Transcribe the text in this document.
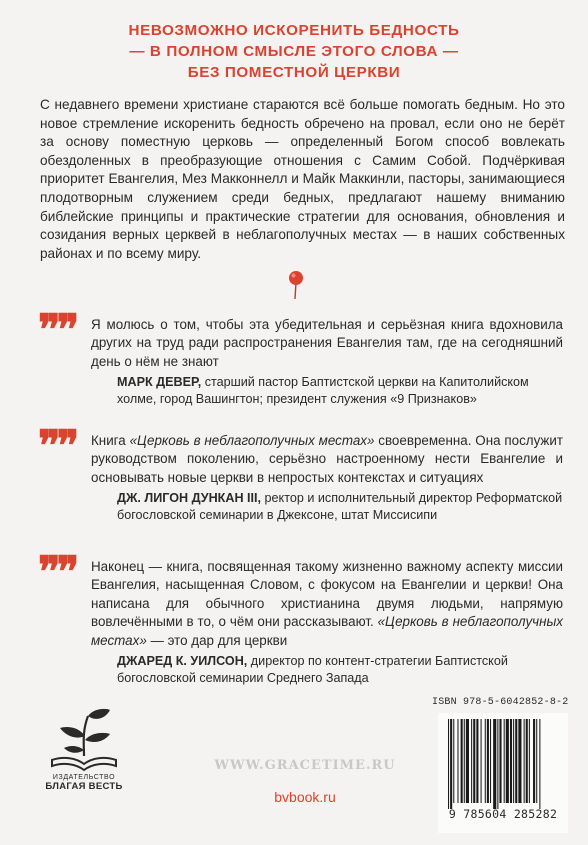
НЕВОЗМОЖНО ИСКОРЕНИТЬ БЕДНОСТЬ
— В ПОЛНОМ СМЫСЛЕ ЭТОГО СЛОВА —
БЕЗ ПОМЕСТНОЙ ЦЕРКВИ
С недавнего времени христиане стараются всё больше помогать бедным. Но это новое стремление искоренить бедность обречено на провал, если оно не берёт за основу поместную церковь — определенный Богом способ вовлекать обездоленных в преобразующие отношения с Самим Собой. Подчёркивая приоритет Евангелия, Мез Макконнелл и Майк Маккинли, пасторы, занимающиеся плодотворным служением среди бедных, предлагают нашему вниманию библейские принципы и практические стратегии для основания, обновления и созидания верных церквей в неблагополучных местах — в наших собственных районах и по всему миру.
❞❞ Я молюсь о том, чтобы эта убедительная и серьёзная книга вдохновила других на труд ради распространения Евангелия там, где на сегодняшний день о нём не знают
МАРК ДЕВЕР, старший пастор Баптистской церкви на Капитолийском холме, город Вашингтон; президент служения «9 Признаков»
❞❞ Книга «Церковь в неблагополучных местах» своевременна. Она послужит руководством поколению, серьёзно настроенному нести Евангелие и основывать новые церкви в непростых контекстах и ситуациях
ДЖ. ЛИГОН ДУНКАН III, ректор и исполнительный директор Реформатской богословской семинарии в Джексоне, штат Миссисипи
❞❞ Наконец — книга, посвященная такому жизненно важному аспекту миссии Евангелия, насыщенная Словом, с фокусом на Евангелии и церкви! Она написана для обычного христианина двумя людьми, напрямую вовлечёнными в то, о чём они рассказывают. «Церковь в неблагополучных местах» — это дар для церкви
ДЖАРЕД К. УИЛСОН, директор по контент-стратегии Баптистской богословской семинарии Среднего Запада
ИЗДАТЕЛЬСТВО
БЛАГАЯ ВЕСТЬ
WWW.GRACETIME.RU
bvbook.ru
ISBN 978-5-6042852-8-2
9 785604 285282
